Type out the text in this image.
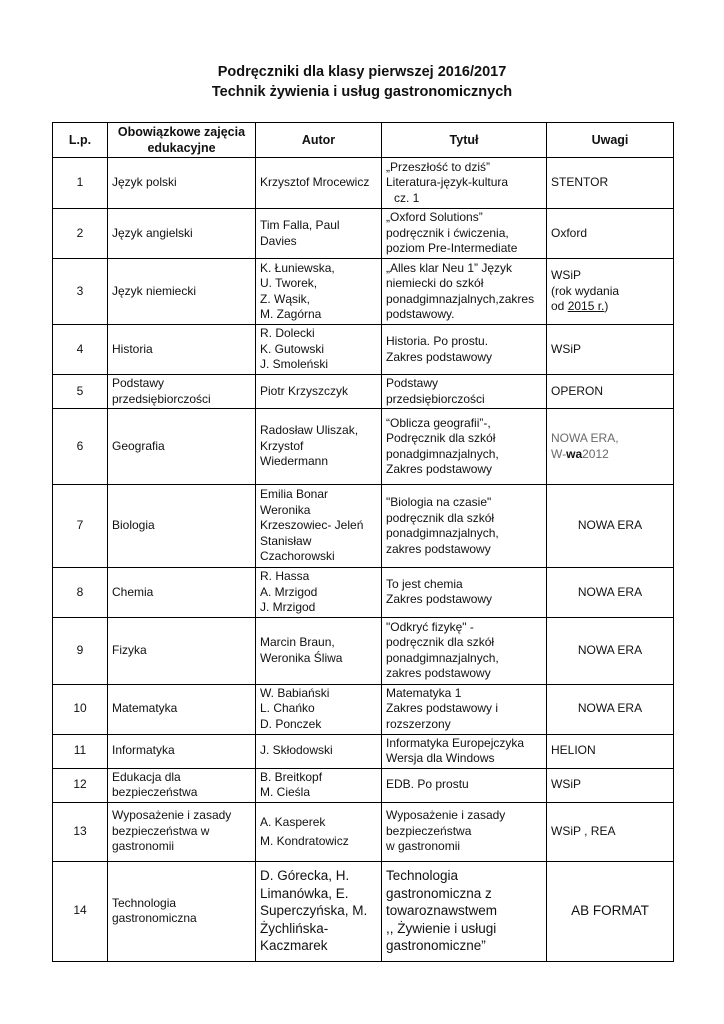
Podręczniki dla klasy pierwszej 2016/2017
Technik żywienia i usług gastronomicznych
L.p.	Obowiązkowe zajęcia edukacyjne	Autor	Tytuł	Uwagi
1	Język polski	Krzysztof Mrocewicz	„Przeszłość to dziś”
Literatura-język-kultura
cz. 1	STENTOR

2	Język angielski	Tim Falla, Paul
Davies	„Oxford Solutions”
podręcznik i ćwiczenia,
poziom Pre-Intermediate	Oxford

3	Język niemiecki	K. Łuniewska,
U. Tworek,
Z. Wąsik,
M. Zagórna	„Alles klar Neu 1” Język
niemiecki do szkół
ponadgimnazjalnych,zakres
podstawowy.	WSiP
(rok wydania
od 2015 r.)

4	Historia	R. Dolecki
K. Gutowski
J. Smoleński	Historia. Po prostu.
Zakres podstawowy	WSiP

5	Podstawy
przedsiębiorczości	Piotr Krzyszczyk	Podstawy
przedsiębiorczości	OPERON

6	Geografia	Radosław Uliszak,
Krzystof
Wiedermann	“Oblicza geografii”-,
Podręcznik dla szkół
ponadgimnazjalnych,
Zakres podstawowy	NOWA ERA,
W-wa2012

7	Biologia	Emilia Bonar
Weronika
Krzeszowiec- Jeleń
Stanisław
Czachorowski	"Biologia na czasie"
podręcznik dla szkół
ponadgimnazjalnych,
zakres podstawowy	NOWA ERA

8	Chemia	R. Hassa
A. Mrzigod
J. Mrzigod	To jest chemia
Zakres podstawowy	NOWA ERA

9	Fizyka	Marcin Braun,
Weronika Śliwa	"Odkryć fizykę" -
podręcznik dla szkół
ponadgimnazjalnych,
zakres podstawowy	NOWA ERA

10	Matematyka	W. Babiański
L. Chańko
D. Ponczek	Matematyka 1
Zakres podstawowy i
rozszerzony	NOWA ERA

11	Informatyka	J. Skłodowski	Informatyka Europejczyka
Wersja dla Windows	HELION

12	Edukacja dla
bezpieczeństwa	B. Breitkopf
M. Cieśla	EDB. Po prostu	WSiP

13	Wyposażenie i zasady
bezpieczeństwa w
gastronomii	A. Kasperek
M. Kondratowicz	Wyposażenie i zasady
bezpieczeństwa
w gastronomii	WSiP , REA

14	Technologia
gastronomiczna	D. Górecka, H.
Limanówka, E.
Superczyńska, M.
Żychlińska-
Kaczmarek	Technologia
gastronomiczna z
towaroznawstwem
,, Żywienie i usługi
gastronomiczne”	AB FORMAT
